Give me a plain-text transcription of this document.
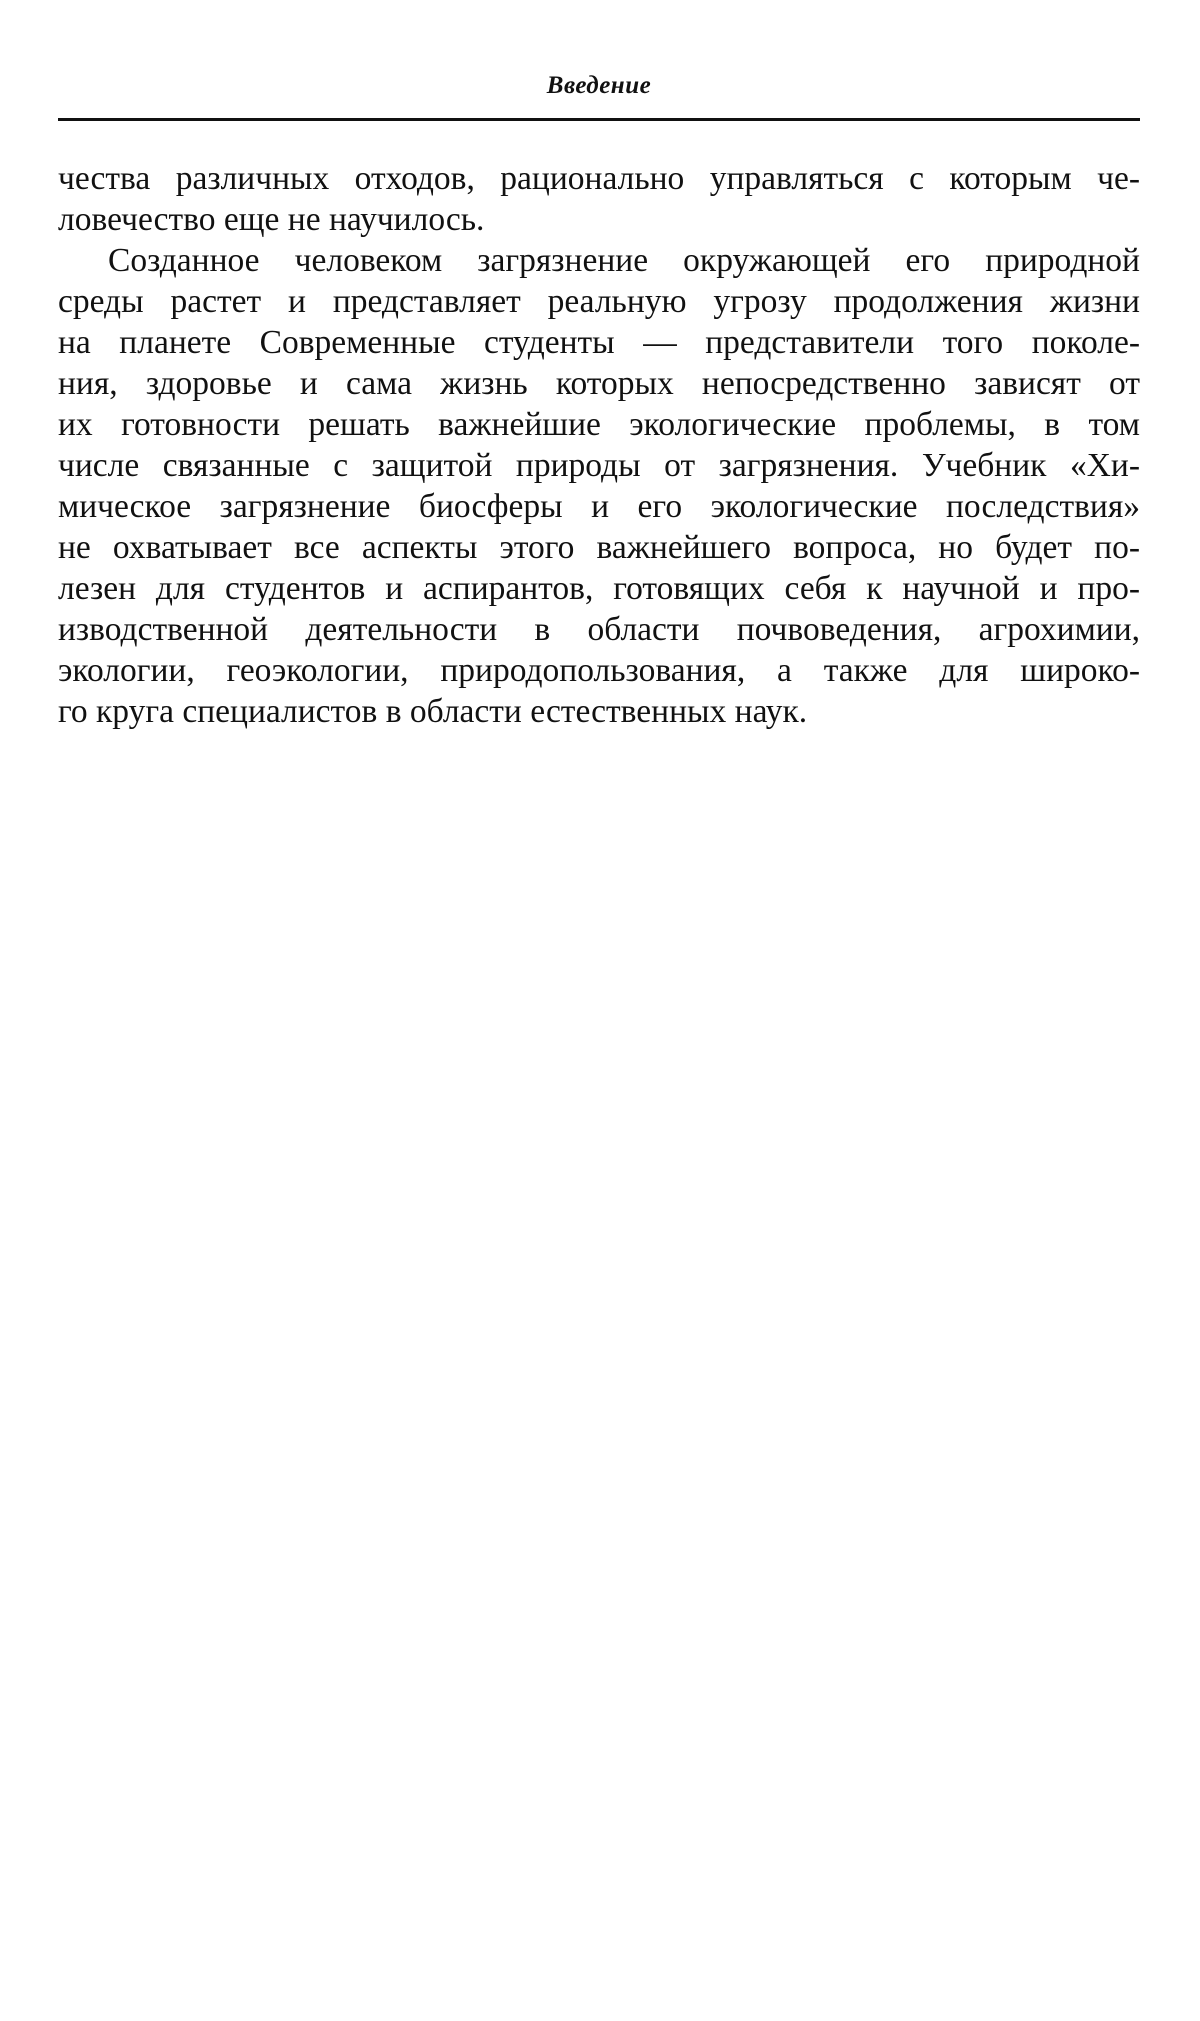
Введение
чества различных отходов, рационально управляться с которым че-
ловечество еще не научилось.
Созданное человеком загрязнение окружающей его природной
среды растет и представляет реальную угрозу продолжения жизни
на планете Современные студенты — представители того поколе-
ния, здоровье и сама жизнь которых непосредственно зависят от
их готовности решать важнейшие экологические проблемы, в том
числе связанные с защитой природы от загрязнения. Учебник «Хи-
мическое загрязнение биосферы и его экологические последствия»
не охватывает все аспекты этого важнейшего вопроса, но будет по-
лезен для студентов и аспирантов, готовящих себя к научной и про-
изводственной деятельности в области почвоведения, агрохимии,
экологии, геоэкологии, природопользования, а также для широко-
го круга специалистов в области естественных наук.
